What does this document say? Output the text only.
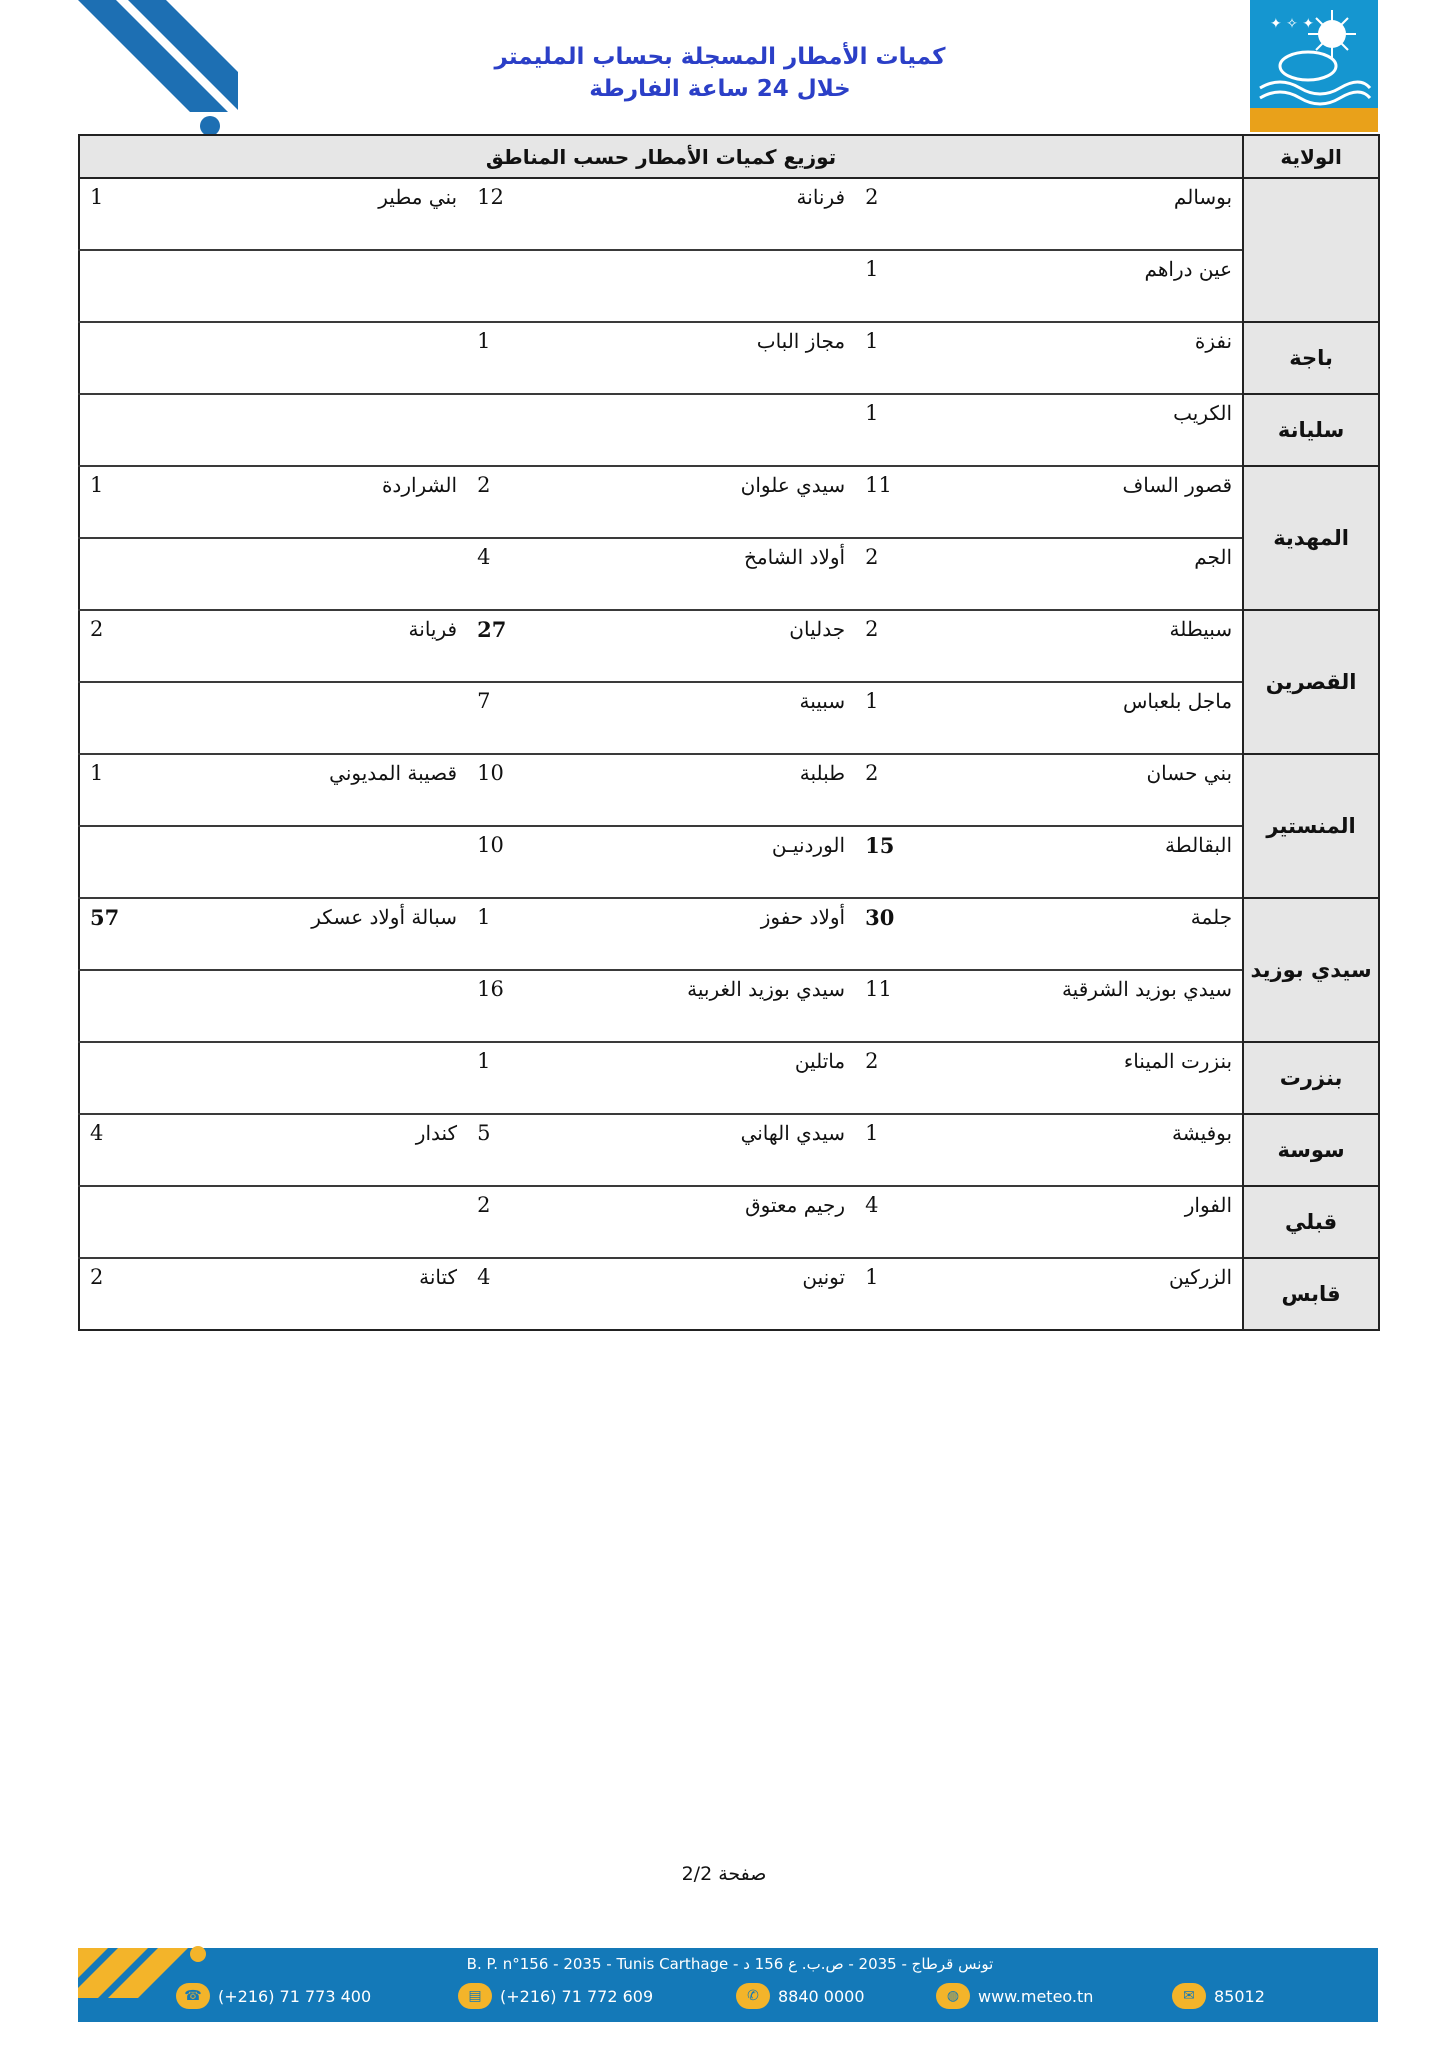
كميات الأمطار المسجلة بحساب المليمتر
خلال 24 ساعة الفارطة
✦ ✧ ✦
الولاية	توزيع كميات الأمطار حسب المناطق					
	بوسالم	2	فرنانة	12	بني مطير	1
	عين دراهم	1				
باجة	نفزة	1	مجاز الباب	1		
سليانة	الكريب	1				
المهدية	قصور الساف	11	سيدي علوان	2	الشراردة	1
	الجم	2	أولاد الشامخ	4		
القصرين	سبيطلة	2	جدليان	27	فريانة	2
	ماجل بلعباس	1	سبيبة	7		
المنستير	بني حسان	2	طبلبة	10	قصيبة المديوني	1
	البقالطة	15	الوردنيـن	10		
سيدي بوزيد	جلمة	30	أولاد حفوز	1	سبالة أولاد عسكر	57
	سيدي بوزيد الشرقية	11	سيدي بوزيد الغربية	16		
بنزرت	بنزرت الميناء	2	ماتلين	1		
سوسة	بوفيشة	1	سيدي الهاني	5	كندار	4
قبلي	الفوار	4	رجيم معتوق	2		
قابس	الزركين	1	تونين	4	كتانة	2
صفحة 2/2
B. P. n°156 - 2035 - Tunis Carthage - تونس قرطاج - 2035 - ص.ب. ع 156 د
☎	(+216) 71 773 400	▤	(+216) 71 772 609	✆	8840 0000	◍	www.meteo.tn	✉	85012
